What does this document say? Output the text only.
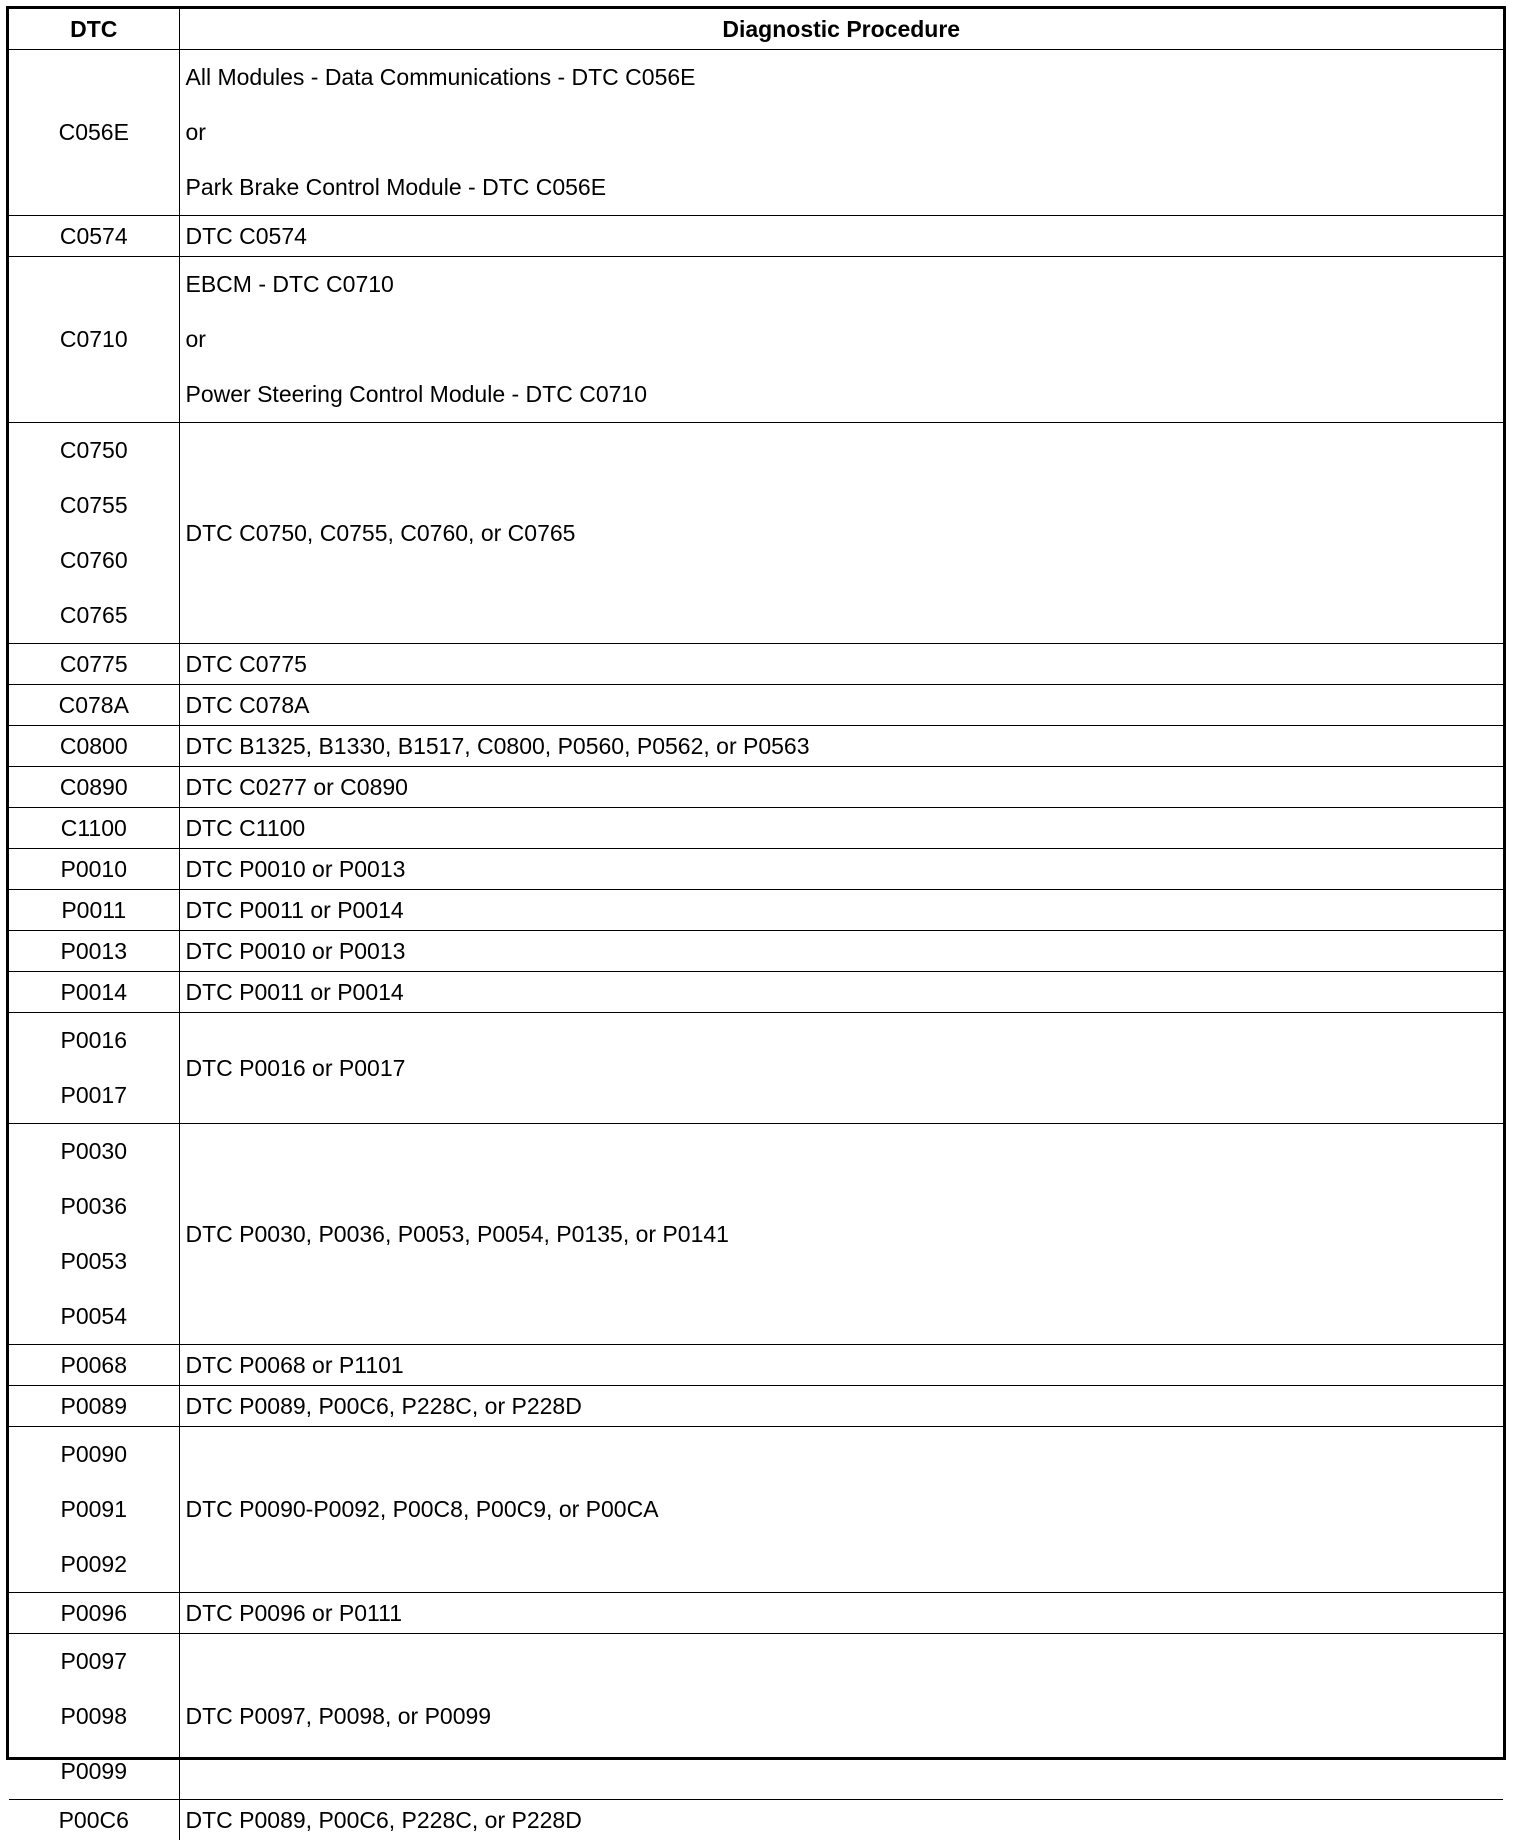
DTC	Diagnostic Procedure

C056E	All Modules - Data Communications - DTC C056E
or
Park Brake Control Module - DTC C056E

C0574	DTC C0574

C0710	EBCM - DTC C0710
or
Power Steering Control Module - DTC C0710

C0750
C0755
C0760
C0765	DTC C0750, C0755, C0760, or C0765

C0775	DTC C0775

C078A	DTC C078A

C0800	DTC B1325, B1330, B1517, C0800, P0560, P0562, or P0563

C0890	DTC C0277 or C0890

C1100	DTC C1100

P0010	DTC P0010 or P0013

P0011	DTC P0011 or P0014

P0013	DTC P0010 or P0013

P0014	DTC P0011 or P0014

P0016
P0017	DTC P0016 or P0017

P0030
P0036
P0053
P0054	DTC P0030, P0036, P0053, P0054, P0135, or P0141

P0068	DTC P0068 or P1101

P0089	DTC P0089, P00C6, P228C, or P228D

P0090
P0091
P0092	DTC P0090-P0092, P00C8, P00C9, or P00CA

P0096	DTC P0096 or P0111

P0097
P0098
P0099	DTC P0097, P0098, or P0099

P00C6	DTC P0089, P00C6, P228C, or P228D
